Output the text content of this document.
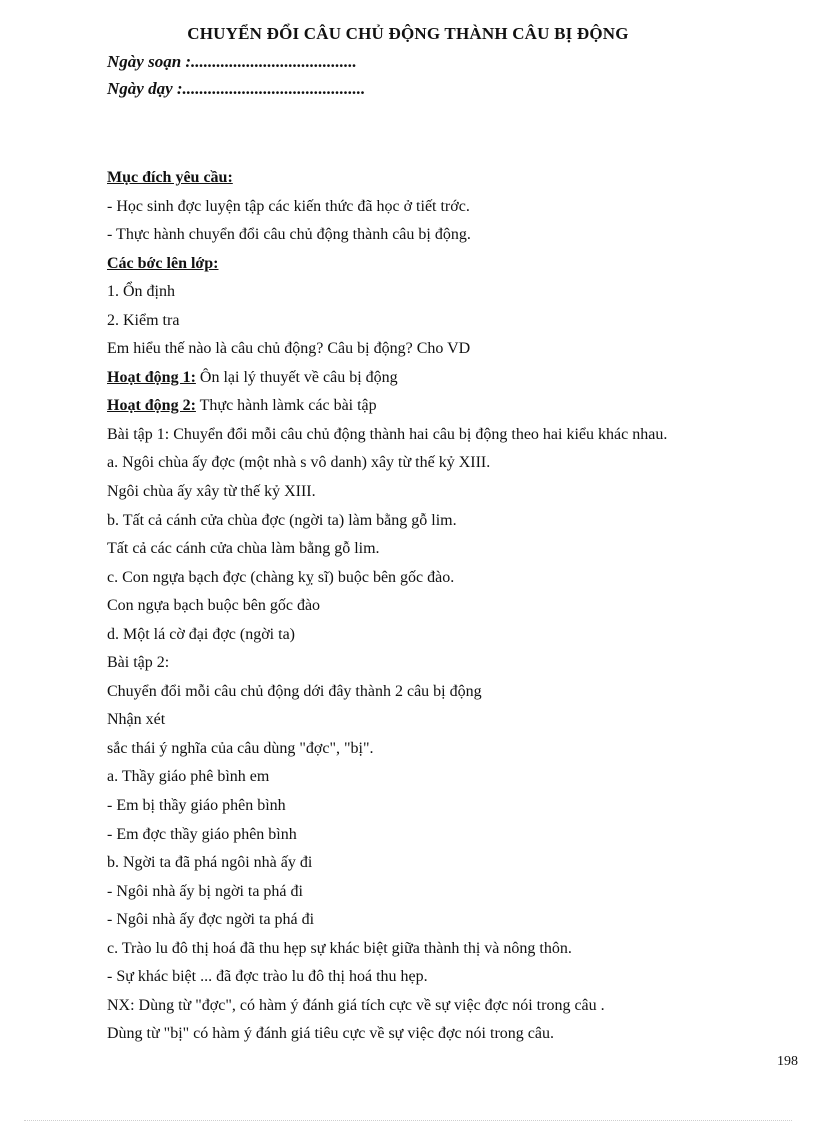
CHUYỂN ĐỔI CÂU CHỦ ĐỘNG THÀNH CÂU BỊ ĐỘNG
Ngày soạn :.......................................
Ngày dạy :...........................................
Mục đích yêu cầu:
- Học sinh đợc luyện tập các kiến thức đã học ở tiết trớc.
- Thực hành chuyển đổi câu chủ động thành câu bị động.
Các bớc lên lớp:
1. Ổn định
2. Kiểm tra
Em hiểu thế nào là câu chủ động? Câu bị động? Cho VD
Hoạt động 1: Ôn lại lý thuyết về câu bị động
Hoạt động 2: Thực hành làmk các bài tập
Bài tập 1: Chuyển đổi mỗi câu chủ động thành hai câu bị động theo hai kiểu khác nhau.
a. Ngôi chùa ấy đợc (một nhà s vô danh) xây từ thế kỷ XIII.
Ngôi chùa ấy xây từ thế kỷ XIII.
b. Tất cả cánh cửa chùa đợc (ngời ta) làm bằng gỗ lim.
Tất cả các cánh cửa chùa làm bằng gỗ lim.
c. Con ngựa bạch đợc (chàng kỵ sĩ) buộc bên gốc đào.
Con ngựa bạch buộc bên gốc đào
d. Một lá cờ đại đợc (ngời ta)
Bài tập 2:
Chuyển đổi mỗi câu chủ động dới đây thành 2 câu bị động
Nhận xét
sắc thái ý nghĩa của câu dùng "đợc", "bị".
a. Thầy giáo phê bình em
- Em bị thầy giáo phên bình
- Em đợc thầy giáo phên bình
b. Ngời ta đã phá ngôi nhà ấy đi
- Ngôi nhà ấy bị ngời ta phá đi
- Ngôi nhà ấy đợc ngời ta phá đi
c. Trào lu đô thị hoá đã thu hẹp sự khác biệt giữa thành thị và nông thôn.
- Sự khác biệt ... đã đợc trào lu đô thị hoá thu hẹp.
NX: Dùng từ "đợc", có hàm ý đánh giá tích cực về sự việc đợc nói trong câu .
Dùng từ "bị" có hàm ý đánh giá tiêu cực về sự việc đợc nói trong câu.
198
